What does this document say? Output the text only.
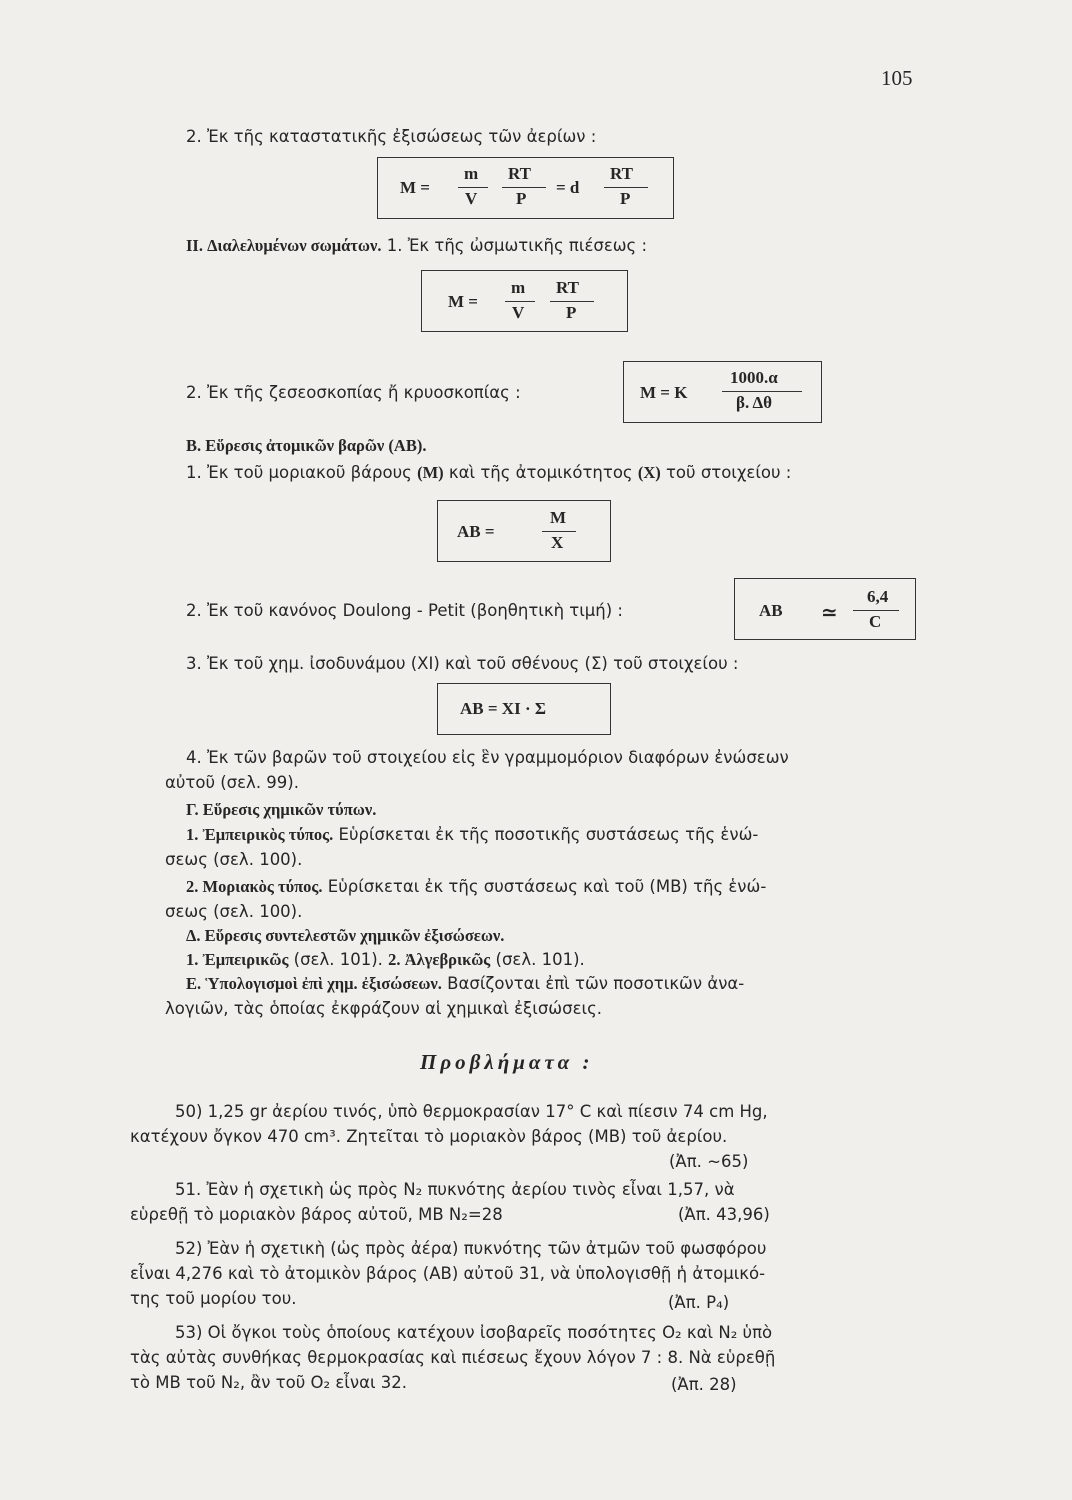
105
2. Ἐκ τῆς καταστατικῆς ἐξισώσεως τῶν ἀερίων :
M =
m
V
RT
P
= d
RT
P
II. Διαλελυμένων σωμάτων. 1. Ἐκ τῆς ὠσμωτικῆς πιέσεως :
M =
m
V
RT
P
2. Ἐκ τῆς ζεσεοσκοπίας ἤ κρυοσκοπίας :	M = K
1000.α
β. Δθ
B. Εὕρεσις ἀτομικῶν βαρῶν (AB).
1. Ἐκ τοῦ μοριακοῦ βάρους (M) καὶ τῆς ἀτομικότητος (X) τοῦ στοιχείου :
AB =
M
X
2. Ἐκ τοῦ κανόνος Doulong - Petit (βοηθητικὴ τιμή) :	AB ≃
6,4
C
3. Ἐκ τοῦ χημ. ἰσοδυνάμου (XI) καὶ τοῦ σθένους (Σ) τοῦ στοιχείου :
AB = XI · Σ
4. Ἐκ τῶν βαρῶν τοῦ στοιχείου εἰς ἓν γραμμομόριον διαφόρων ἐνώσεων
αὐτοῦ (σελ. 99).
Γ. Εὕρεσις χημικῶν τύπων.
1. Ἐμπειρικὸς τύπος. Εὑρίσκεται ἐκ τῆς ποσοτικῆς συστάσεως τῆς ἑνώ-
σεως (σελ. 100).
2. Μοριακὸς τύπος. Εὑρίσκεται ἐκ τῆς συστάσεως καὶ τοῦ (MB) τῆς ἑνώ-
σεως (σελ. 100).
Δ. Εὕρεσις συντελεστῶν χημικῶν ἐξισώσεων.
1. Ἐμπειρικῶς (σελ. 101). 2. Ἀλγεβρικῶς (σελ. 101).
E. Ὑπολογισμοὶ ἐπὶ χημ. ἐξισώσεων. Βασίζονται ἐπὶ τῶν ποσοτικῶν ἀνα-
λογιῶν, τὰς ὁποίας ἐκφράζουν αἱ χημικαὶ ἐξισώσεις.
Προβλήματα :
50) 1,25 gr ἀερίου τινός, ὑπὸ θερμοκρασίαν 17° C καὶ πίεσιν 74 cm Hg,
κατέχουν ὄγκον 470 cm³. Ζητεῖται τὸ μοριακὸν βάρος (MB) τοῦ ἀερίου.
(Ἀπ. ~65)
51. Ἐὰν ἡ σχετικὴ ὡς πρὸς N₂ πυκνότης ἀερίου τινὸς εἶναι 1,57, νὰ
εὑρεθῇ τὸ μοριακὸν βάρος αὐτοῦ, MB N₂=28	(Ἀπ. 43,96)
52) Ἐὰν ἡ σχετικὴ (ὡς πρὸς ἀέρα) πυκνότης τῶν ἀτμῶν τοῦ φωσφόρου
εἶναι 4,276 καὶ τὸ ἀτομικὸν βάρος (AB) αὐτοῦ 31, νὰ ὑπολογισθῇ ἡ ἀτομικό-
της τοῦ μορίου του.	(Ἀπ. P₄)
53) Οἱ ὄγκοι τοὺς ὁποίους κατέχουν ἰσοβαρεῖς ποσότητες O₂ καὶ N₂ ὑπὸ
τὰς αὐτὰς συνθήκας θερμοκρασίας καὶ πιέσεως ἔχουν λόγον 7 : 8. Νὰ εὑρεθῇ
τὸ MB τοῦ N₂, ἂν τοῦ O₂ εἶναι 32.	(Ἀπ. 28)
